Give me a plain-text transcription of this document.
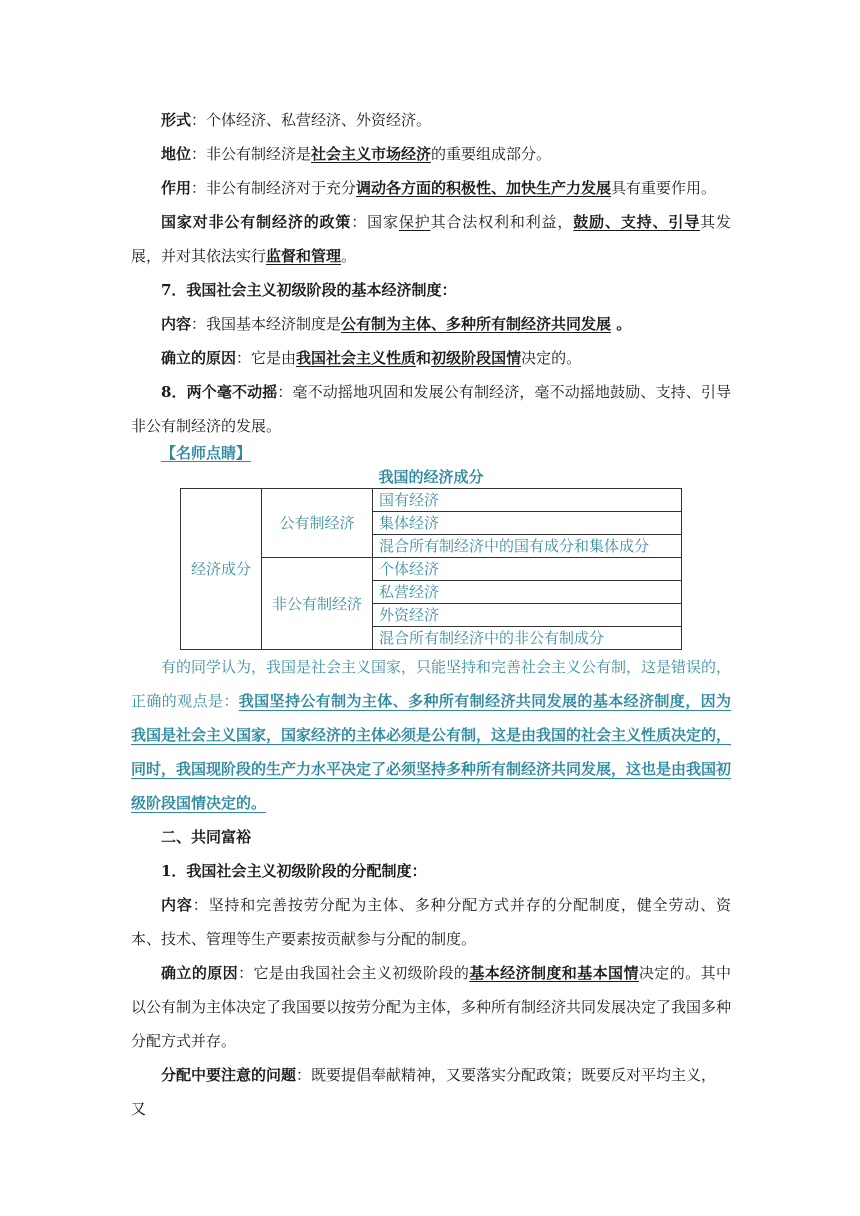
形式：个体经济、私营经济、外资经济。

地位：非公有制经济是社会主义市场经济的重要组成部分。

作用：非公有制经济对于充分调动各方面的积极性、加快生产力发展具有重要作用。

国家对非公有制经济的政策：国家保护其合法权利和利益，鼓励、支持、引导其发展，并对其依法实行监督和管理。

7．我国社会主义初级阶段的基本经济制度：

内容：我国基本经济制度是公有制为主体、多种所有制经济共同发展 。

确立的原因：它是由我国社会主义性质和初级阶段国情决定的。

8．两个毫不动摇：毫不动摇地巩固和发展公有制经济，毫不动摇地鼓励、支持、引导非公有制经济的发展。

【名师点睛】

我国的经济成分
经济成分	公有制经济	国有经济
		集体经济
		混合所有制经济中的国有成分和集体成分
	非公有制经济	个体经济
		私营经济
		外资经济
		混合所有制经济中的非公有制成分

有的同学认为，我国是社会主义国家，只能坚持和完善社会主义公有制，这是错误的，正确的观点是：我国坚持公有制为主体、多种所有制经济共同发展的基本经济制度，因为我国是社会主义国家，国家经济的主体必须是公有制，这是由我国的社会主义性质决定的，同时，我国现阶段的生产力水平决定了必须坚持多种所有制经济共同发展，这也是由我国初级阶段国情决定的。

二、共同富裕

1．我国社会主义初级阶段的分配制度：

内容：坚持和完善按劳分配为主体、多种分配方式并存的分配制度，健全劳动、资本、技术、管理等生产要素按贡献参与分配的制度。

确立的原因：它是由我国社会主义初级阶段的基本经济制度和基本国情决定的。其中以公有制为主体决定了我国要以按劳分配为主体，多种所有制经济共同发展决定了我国多种分配方式并存。

分配中要注意的问题：既要提倡奉献精神，又要落实分配政策；既要反对平均主义，又
